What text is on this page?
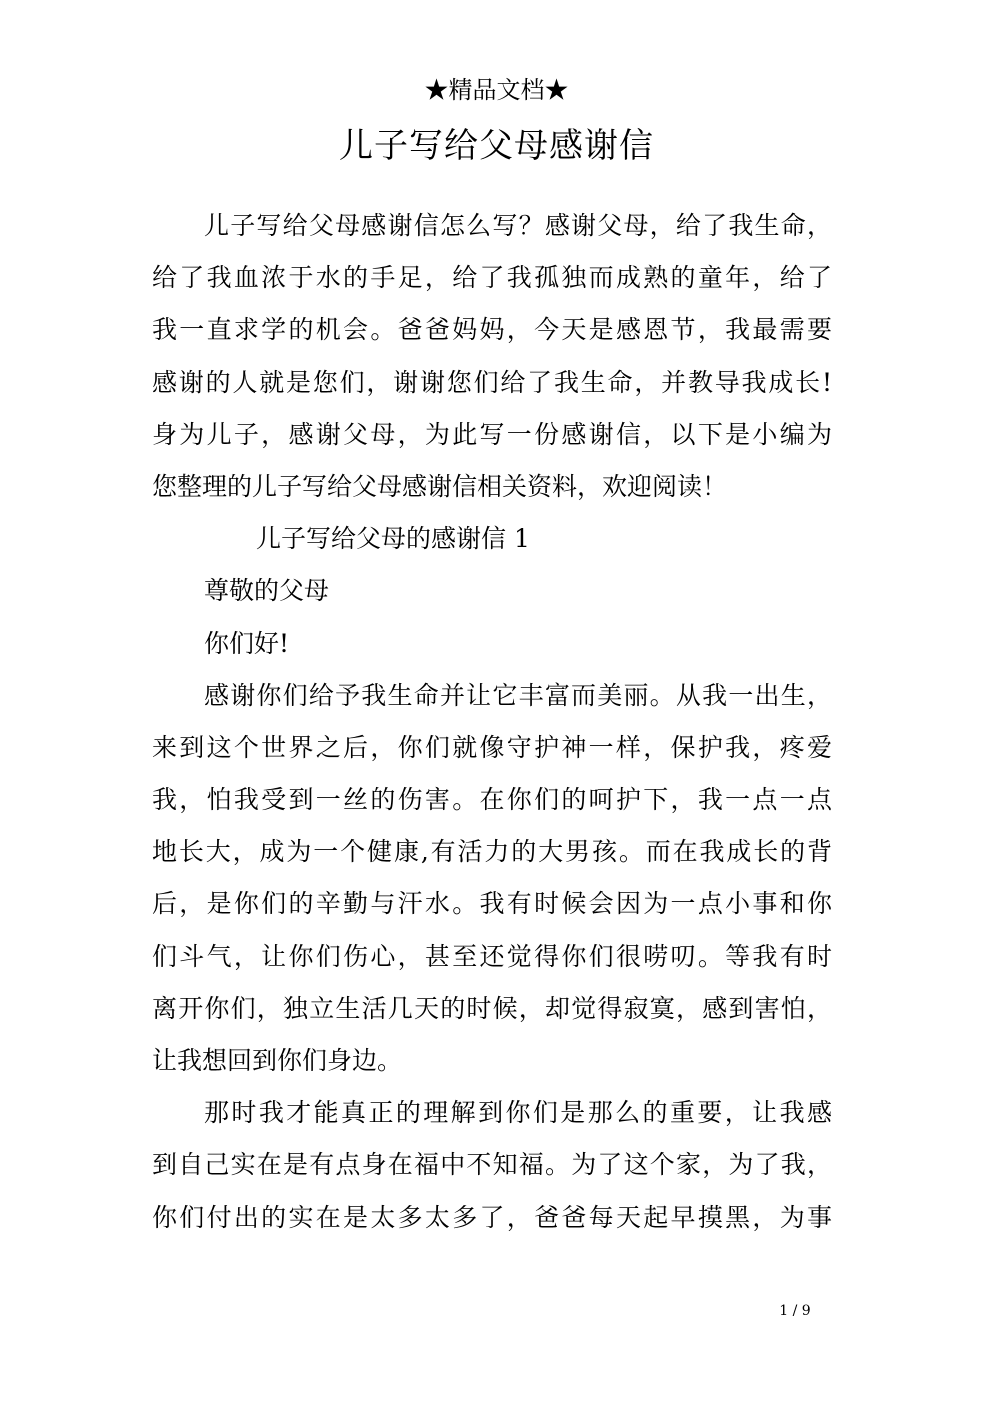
★精品文档★
儿子写给父母感谢信
儿子写给父母感谢信怎么写？感谢父母，给了我生命，
给了我血浓于水的手足，给了我孤独而成熟的童年，给了
我一直求学的机会。爸爸妈妈，今天是感恩节，我最需要
感谢的人就是您们，谢谢您们给了我生命，并教导我成长!
身为儿子，感谢父母，为此写一份感谢信，以下是小编为
您整理的儿子写给父母感谢信相关资料，欢迎阅读！
儿子写给父母的感谢信 1
尊敬的父母
你们好!
感谢你们给予我生命并让它丰富而美丽。从我一出生，
来到这个世界之后，你们就像守护神一样，保护我，疼爱
我，怕我受到一丝的伤害。在你们的呵护下，我一点一点
地长大，成为一个健康,有活力的大男孩。而在我成长的背
后，是你们的辛勤与汗水。我有时候会因为一点小事和你
们斗气，让你们伤心，甚至还觉得你们很唠叨。等我有时
离开你们，独立生活几天的时候，却觉得寂寞，感到害怕，
让我想回到你们身边。
那时我才能真正的理解到你们是那么的重要，让我感
到自己实在是有点身在福中不知福。为了这个家，为了我，
你们付出的实在是太多太多了，爸爸每天起早摸黑，为事
1 / 9
